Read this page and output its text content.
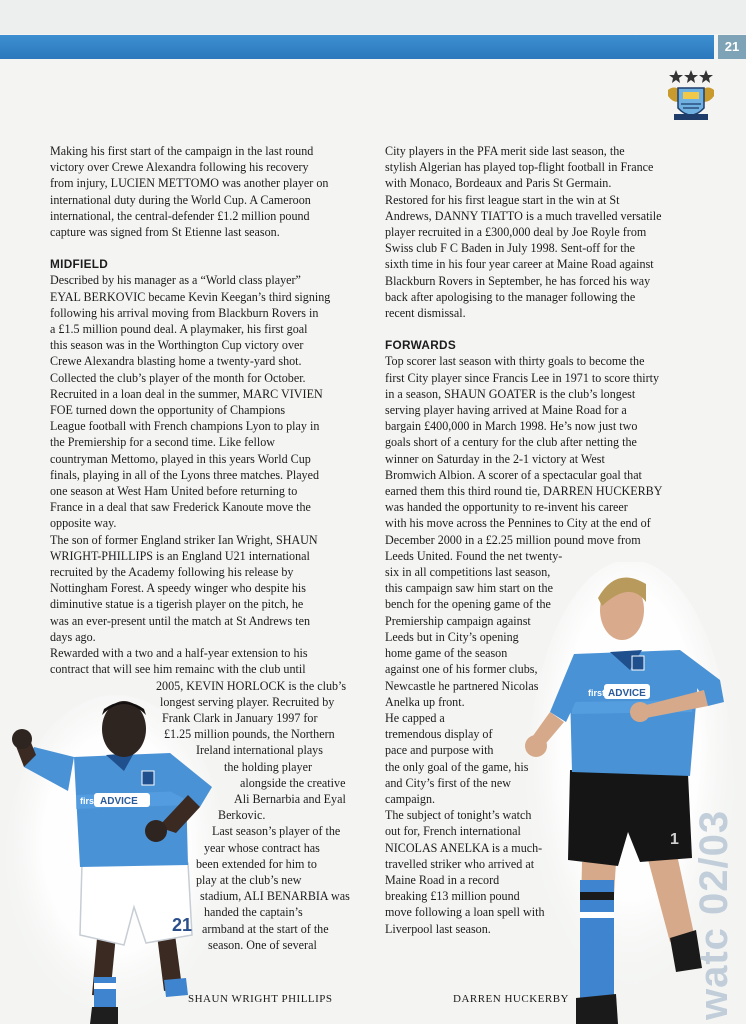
21
21
first ADVICE
1
first ADVICE
watc 02/03

Making his first start of the campaign in the last round
victory over Crewe Alexandra following his recovery
from injury, LUCIEN METTOMO was another player on
international duty during the World Cup. A Cameroon
international, the central-defender £1.2 million pound
capture was signed from St Etienne last season.

MIDFIELD

Described by his manager as a “World class player”
EYAL BERKOVIC became Kevin Keegan’s third signing
following his arrival moving from Blackburn Rovers in
a £1.5 million pound deal. A playmaker, his first goal
this season was in the Worthington Cup victory over
Crewe Alexandra blasting home a twenty-yard shot.
Collected the club’s player of the month for October.
Recruited in a loan deal in the summer, MARC VIVIEN
FOE turned down the opportunity of Champions
League football with French champions Lyon to play in
the Premiership for a second time. Like fellow
countryman Mettomo, played in this years World Cup
finals, playing in all of the Lyons three matches. Played
one season at West Ham United before returning to
France in a deal that saw Frederick Kanoute move the
opposite way.
The son of former England striker Ian Wright, SHAUN
WRIGHT-PHILLIPS is an England U21 international
recruited by the Academy following his release by
Nottingham Forest. A speedy winger who despite his
diminutive statue is a tigerish player on the pitch, he
was an ever-present until the match at St Andrews ten
days ago.
Rewarded with a two and a half-year extension to his
contract that will see him remainc with the club until

2005, KEVIN HORLOCK is the club’s
longest serving player. Recruited by
Frank Clark in January 1997 for
£1.25 million pounds, the Northern
Ireland international plays
the holding player
alongside the creative
Ali Bernarbia and Eyal
Berkovic.
Last season’s player of the
year whose contract has
been extended for him to
play at the club’s new
stadium, ALI BENARBIA was
handed the captain’s
armband at the start of the
season. One of several

City players in the PFA merit side last season, the
stylish Algerian has played top-flight football in France
with Monaco, Bordeaux and Paris St Germain.
Restored for his first league start in the win at St
Andrews, DANNY TIATTO is a much travelled versatile
player recruited in a £300,000 deal by Joe Royle from
Swiss club F C Baden in July 1998. Sent-off for the
sixth time in his four year career at Maine Road against
Blackburn Rovers in September, he has forced his way
back after apologising to the manager following the
recent dismissal.

FORWARDS

Top scorer last season with thirty goals to become the
first City player since Francis Lee in 1971 to score thirty
in a season, SHAUN GOATER is the club’s longest
serving player having arrived at Maine Road for a
bargain £400,000 in March 1998. He’s now just two
goals short of a century for the club after netting the
winner on Saturday in the 2-1 victory at West
Bromwich Albion. A scorer of a spectacular goal that
earned them this third round tie, DARREN HUCKERBY
was handed the opportunity to re-invent his career
with his move across the Pennines to City at the end of
December 2000 in a £2.25 million pound move from
Leeds United. Found the net twenty-
six in all competitions last season,
this campaign saw him start on the
bench for the opening game of the
Premiership campaign against
Leeds but in City’s opening
home game of the season
against one of his former clubs,
Newcastle he partnered Nicolas
Anelka up front.
He capped a
tremendous display of
pace and purpose with
the only goal of the game, his
and City’s first of the new
campaign.
The subject of tonight’s watch
out for, French international
NICOLAS ANELKA is a much-
travelled striker who arrived at
Maine Road in a record
breaking £13 million pound
move following a loan spell with
Liverpool last season.

SHAUN WRIGHT PHILLIPS	DARREN HUCKERBY
